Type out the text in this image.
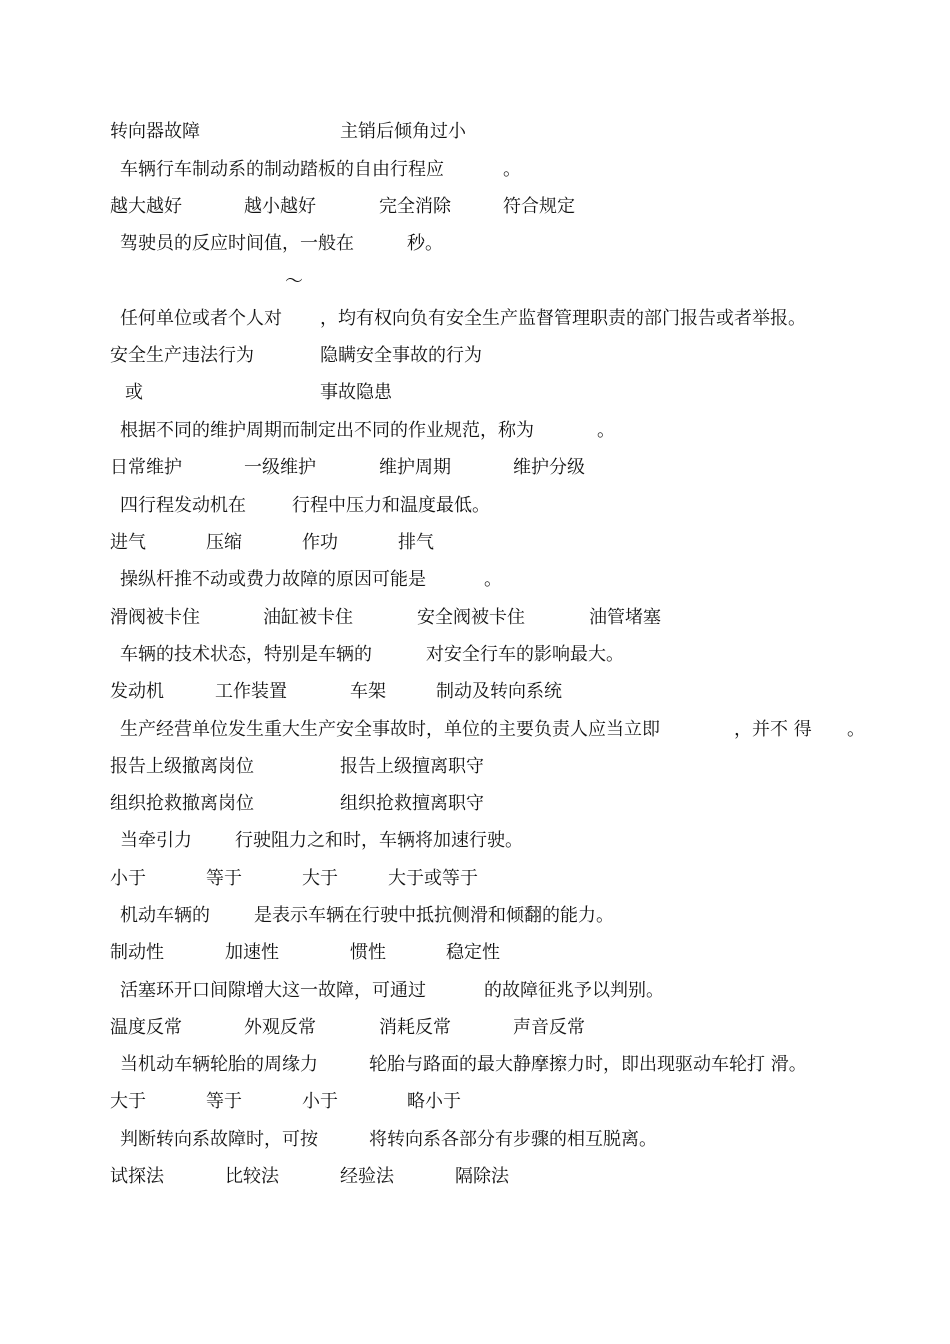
转向器故障	主销后倾角过小
车辆行车制动系的制动踏板的自由行程应	。
越大越好	越小越好	完全消除	符合规定
驾驶员的反应时间值，一般在	秒。
～
任何单位或者个人对 ，均有权向负有安全生产监督管理职责的部门报告或者举报。
安全生产违法行为	隐瞒安全事故的行为
或	事故隐患
根据不同的维护周期而制定出不同的作业规范，称为	。
日常维护	一级维护	维护周期	维护分级
四行程发动机在	行程中压力和温度最低。
进气	压缩	作功	排气
操纵杆推不动或费力故障的原因可能是	。
滑阀被卡住	油缸被卡住	安全阀被卡住	油管堵塞
车辆的技术状态，特别是车辆的	对安全行车的影响最大。
发动机	工作装置	车架	制动及转向系统
生产经营单位发生重大生产安全事故时，单位的主要负责人应当立即	，并不 得 。
报告上级撤离岗位	报告上级擅离职守
组织抢救撤离岗位	组织抢救擅离职守
当牵引力 行驶阻力之和时，车辆将加速行驶。
小于	等于	大于	大于或等于
机动车辆的 是表示车辆在行驶中抵抗侧滑和倾翻的能力。
制动性	加速性	惯性	稳定性
活塞环开口间隙增大这一故障，可通过	的故障征兆予以判别。
温度反常	外观反常	消耗反常	声音反常
当机动车辆轮胎的周缘力	轮胎与路面的最大静摩擦力时，即出现驱动车轮打 滑。
大于	等于	小于	略小于
判断转向系故障时，可按	将转向系各部分有步骤的相互脱离。
试探法	比较法	经验法	隔除法
